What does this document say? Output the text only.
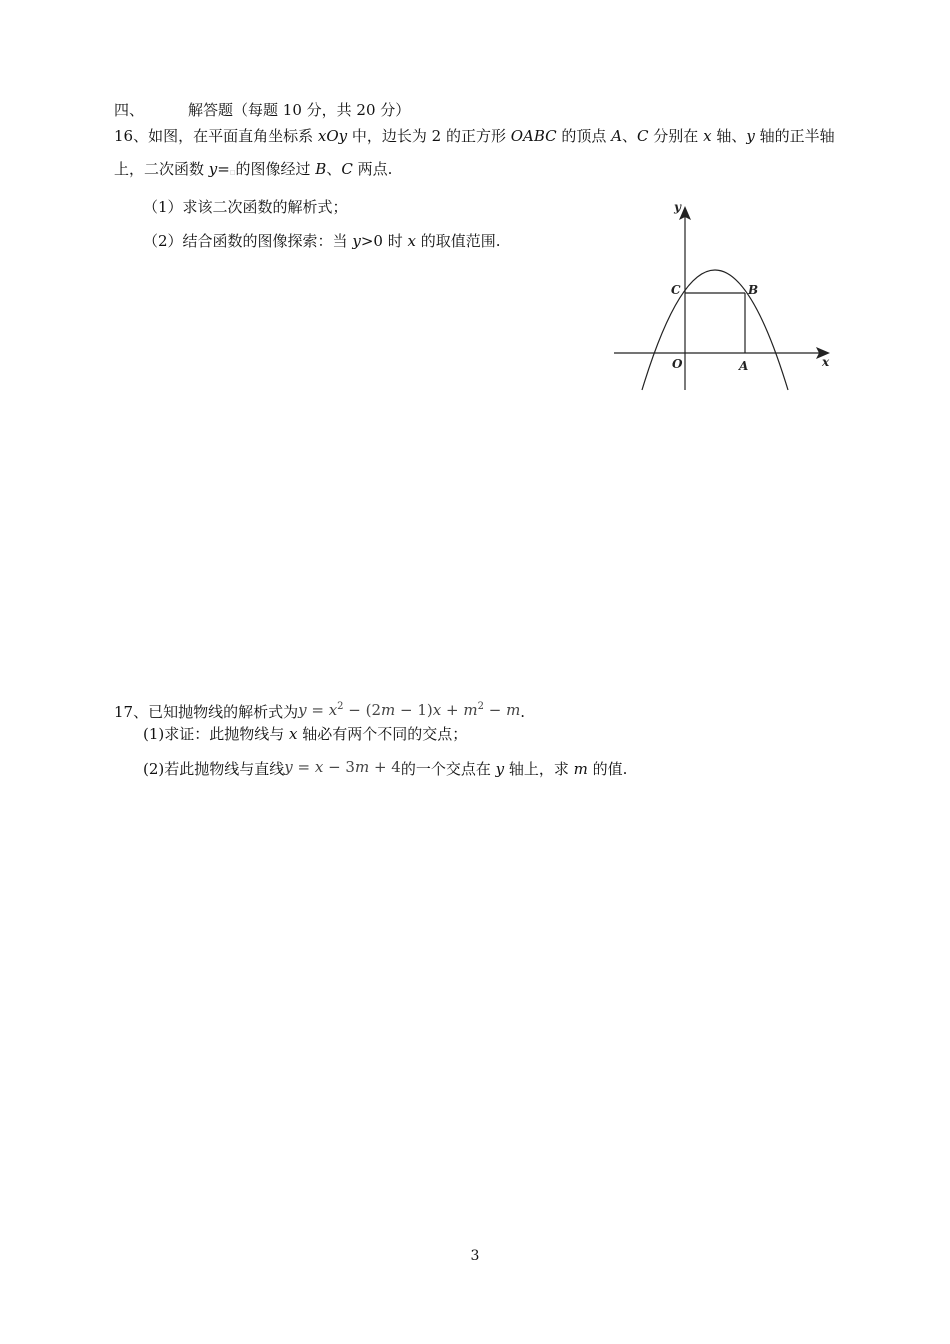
四、	解答题（每题 10 分，共 20 分）
16、如图，在平面直角坐标系 xOy 中，边长为 2 的正方形 OABC 的顶点 A、C 分别在 x 轴、y 轴的正半轴
上，二次函数 y=□的图像经过 B、C 两点.
（1）求该二次函数的解析式；
（2）结合函数的图像探索：当 y>0 时 x 的取值范围.
y
x
C	B
O	A
17、已知抛物线的解析式为$y = x^2 - (2m - 1)x + m^2 - m$.
(1)求证：此抛物线与 x 轴必有两个不同的交点；
(2)若此抛物线与直线y = x − 3m + 4的一个交点在 y 轴上，求 m 的值.
3
